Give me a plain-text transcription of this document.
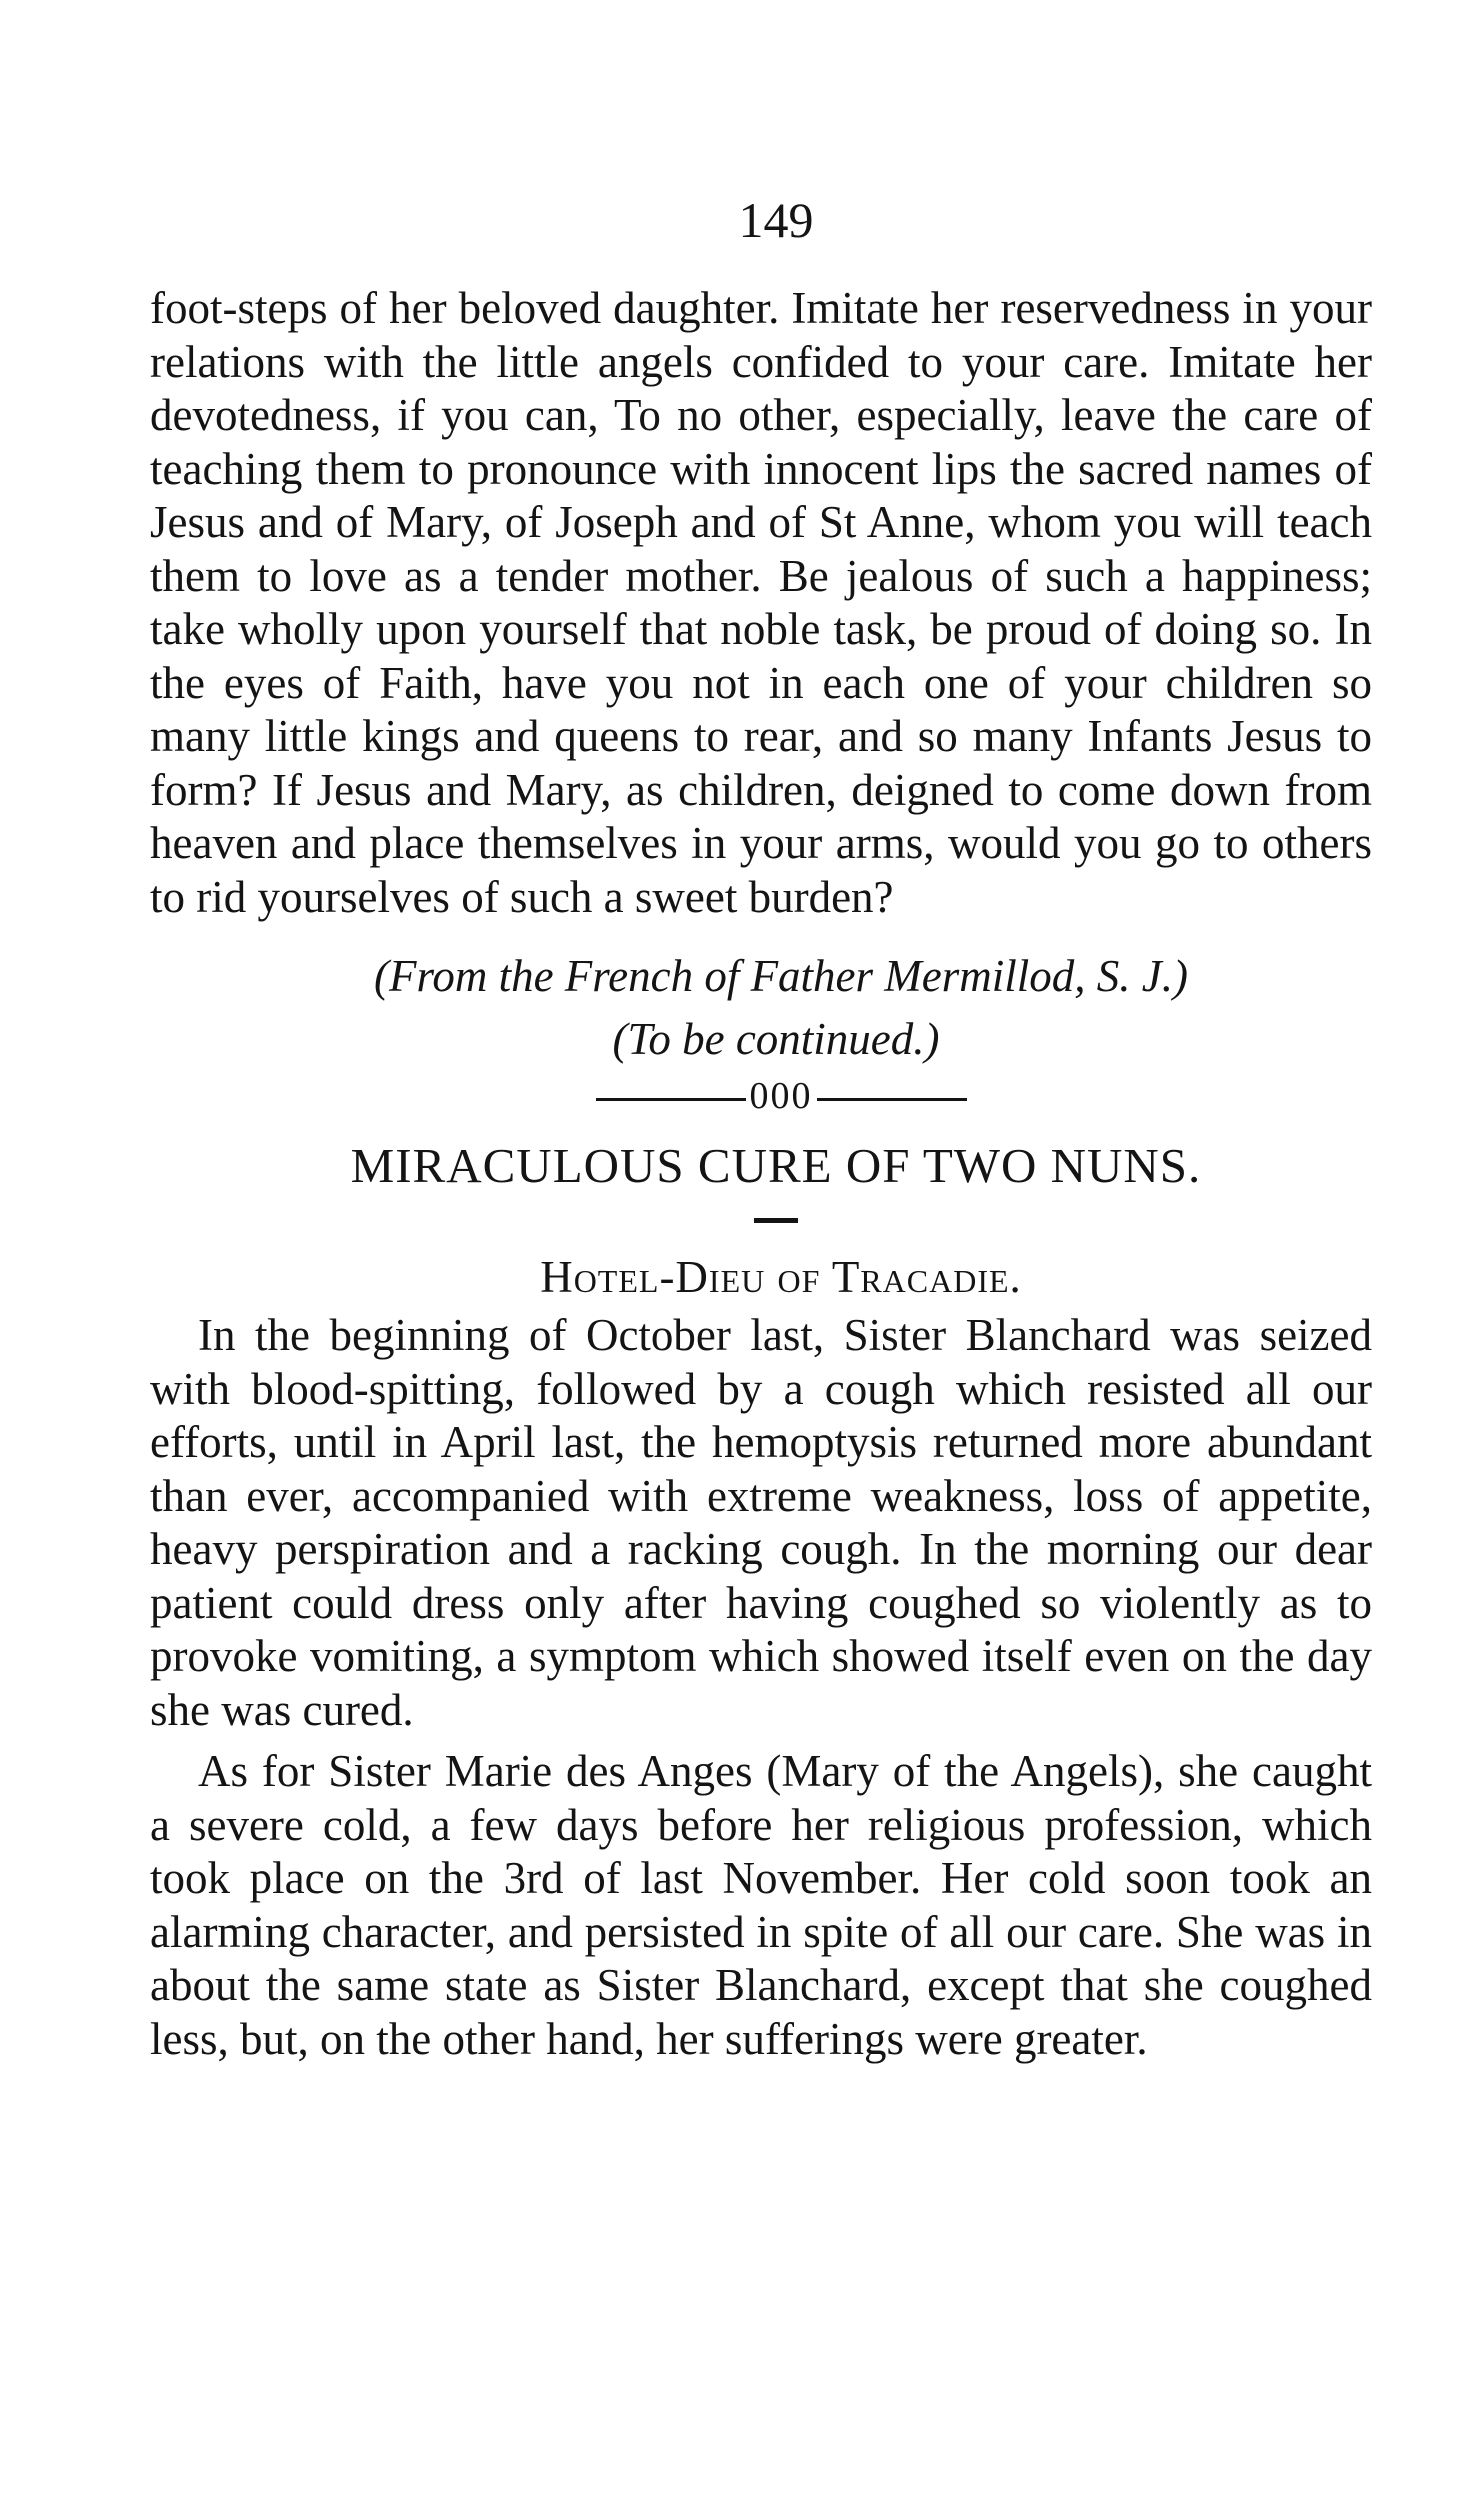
149

foot-steps of her beloved daughter. Imitate her reservedness in your relations with the little angels confided to your care. Imitate her devotedness, if you can, To no other, especially, leave the care of teaching them to pronounce with innocent lips the sacred names of Jesus and of Mary, of Joseph and of St Anne, whom you will teach them to love as a tender mother. Be jealous of such a happiness; take wholly upon yourself that noble task, be proud of doing so. In the eyes of Faith, have you not in each one of your children so many little kings and queens to rear, and so many Infants Jesus to form? If Jesus and Mary, as children, deigned to come down from heaven and place themselves in your arms, would you go to others to rid yourselves of such a sweet burden?

(From the French of Father Mermillod, S. J.)
(To be continued.)
000
MIRACULOUS CURE OF TWO NUNS.
Hotel-Dieu of Tracadie.

In the beginning of October last, Sister Blanchard was seized with blood-spitting, followed by a cough which resisted all our efforts, until in April last, the hemoptysis returned more abundant than ever, accompanied with extreme weakness, loss of appetite, heavy perspiration and a racking cough. In the morning our dear patient could dress only after having coughed so violently as to provoke vomiting, a symptom which showed itself even on the day she was cured.

As for Sister Marie des Anges (Mary of the Angels), she caught a severe cold, a few days before her religious profession, which took place on the 3rd of last November. Her cold soon took an alarming character, and persisted in spite of all our care. She was in about the same state as Sister Blanchard, except that she coughed less, but, on the other hand, her sufferings were greater.
